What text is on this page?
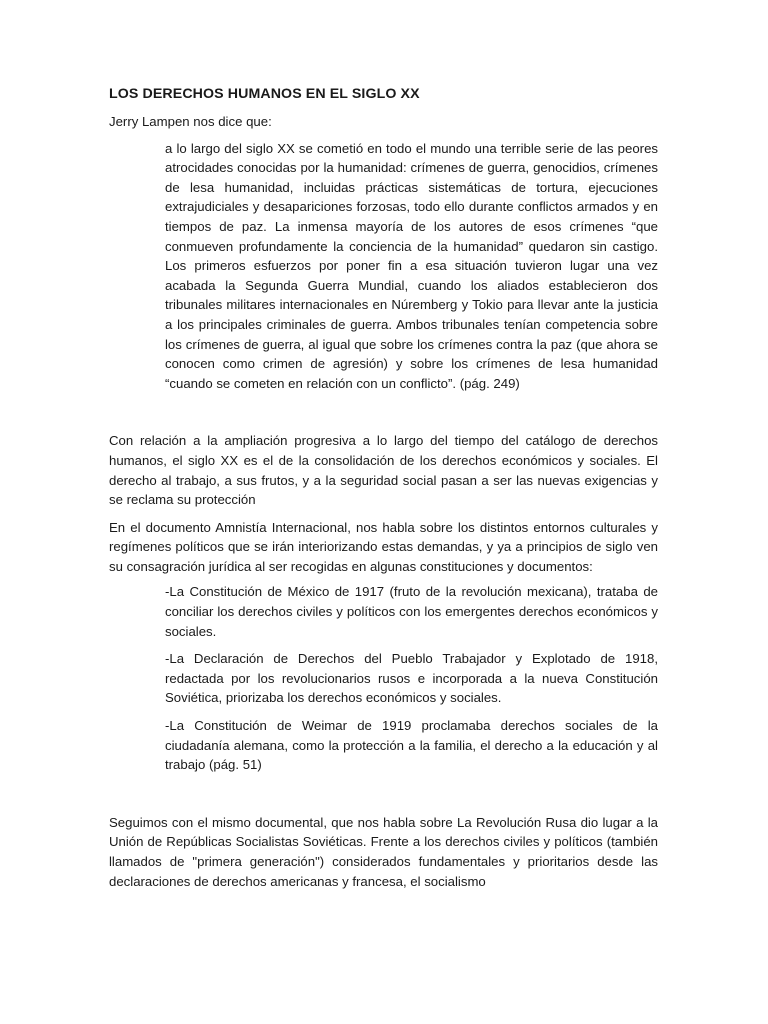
LOS DERECHOS HUMANOS EN EL SIGLO XX

Jerry Lampen nos dice que:

a lo largo del siglo XX se cometió en todo el mundo una terrible serie de las peores atrocidades conocidas por la humanidad: crímenes de guerra, genocidios, crímenes de lesa humanidad, incluidas prácticas sistemáticas de tortura, ejecuciones extrajudiciales y desapariciones forzosas, todo ello durante conflictos armados y en tiempos de paz. La inmensa mayoría de los autores de esos crímenes “que conmueven profundamente la conciencia de la humanidad” quedaron sin castigo. Los primeros esfuerzos por poner fin a esa situación tuvieron lugar una vez acabada la Segunda Guerra Mundial, cuando los aliados establecieron dos tribunales militares internacionales en Núremberg y Tokio para llevar ante la justicia a los principales criminales de guerra. Ambos tribunales tenían competencia sobre los crímenes de guerra, al igual que sobre los crímenes contra la paz (que ahora se conocen como crimen de agresión) y sobre los crímenes de lesa humanidad “cuando se cometen en relación con un conflicto”. (pág. 249)

Con relación a la ampliación progresiva a lo largo del tiempo del catálogo de derechos humanos, el siglo XX es el de la consolidación de los derechos económicos y sociales. El derecho al trabajo, a sus frutos, y a la seguridad social pasan a ser las nuevas exigencias y se reclama su protección

En el documento Amnistía Internacional, nos habla sobre los distintos entornos culturales y regímenes políticos que se irán interiorizando estas demandas, y ya a principios de siglo ven su consagración jurídica al ser recogidas en algunas constituciones y documentos:

-La Constitución de México de 1917 (fruto de la revolución mexicana), trataba de conciliar los derechos civiles y políticos con los emergentes derechos económicos y sociales.

-La Declaración de Derechos del Pueblo Trabajador y Explotado de 1918, redactada por los revolucionarios rusos e incorporada a la nueva Constitución Soviética, priorizaba los derechos económicos y sociales.

-La Constitución de Weimar de 1919 proclamaba derechos sociales de la ciudadanía alemana, como la protección a la familia, el derecho a la educación y al trabajo (pág. 51)

Seguimos con el mismo documental, que nos habla sobre La Revolución Rusa dio lugar a la Unión de Repúblicas Socialistas Soviéticas. Frente a los derechos civiles y políticos (también llamados de "primera generación") considerados fundamentales y prioritarios desde las declaraciones de derechos americanas y francesa, el socialismo
